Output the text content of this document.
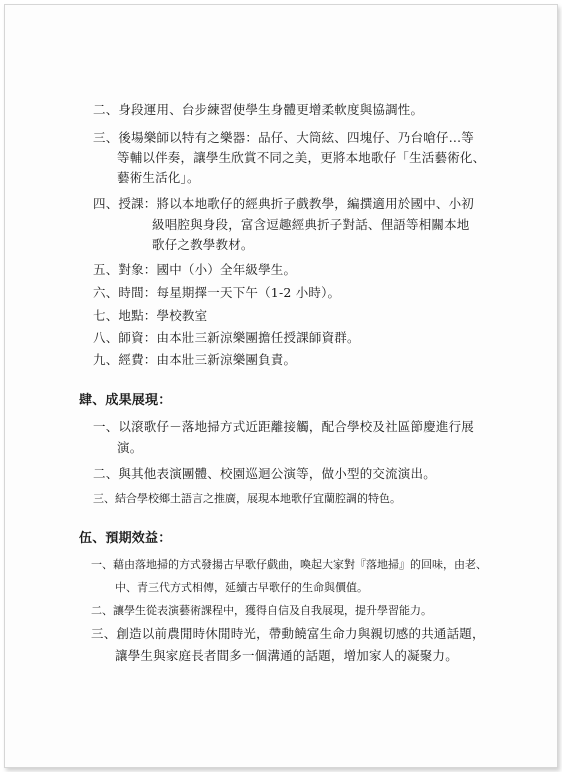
二、身段運用、台步練習使學生身體更增柔軟度與協調性。
三、後場樂師以特有之樂器：品仔、大筒絃、四塊仔、乃台嗆仔…等
等輔以伴奏，讓學生欣賞不同之美，更將本地歌仔「生活藝術化、
藝術生活化」。
四、授課：將以本地歌仔的經典折子戲教學，編撰適用於國中、小初
級唱腔與身段，富含逗趣經典折子對話、俚語等相關本地
歌仔之教學教材。
五、對象：國中（小）全年級學生。
六、時間：每星期擇一天下午（1-2 小時）。
七、地點：學校教室
八、師資：由本壯三新涼樂團擔任授課師資群。
九、經費：由本壯三新涼樂團負責。
肆、成果展現：
一、以滾歌仔－落地掃方式近距離接觸，配合學校及社區節慶進行展
演。
二、與其他表演團體、校園巡迴公演等，做小型的交流演出。
三、結合學校鄉土語言之推廣，展現本地歌仔宜蘭腔調的特色。
伍、預期效益：
一、藉由落地掃的方式發揚古早歌仔戲曲，喚起大家對『落地掃』的回味，由老、
中、青三代方式相傳，延續古早歌仔的生命與價值。
二、讓學生從表演藝術課程中，獲得自信及自我展現，提升學習能力。
三、創造以前農閒時休閒時光，帶動饒富生命力與親切感的共通話題，
讓學生與家庭長者間多一個溝通的話題，增加家人的凝聚力。
